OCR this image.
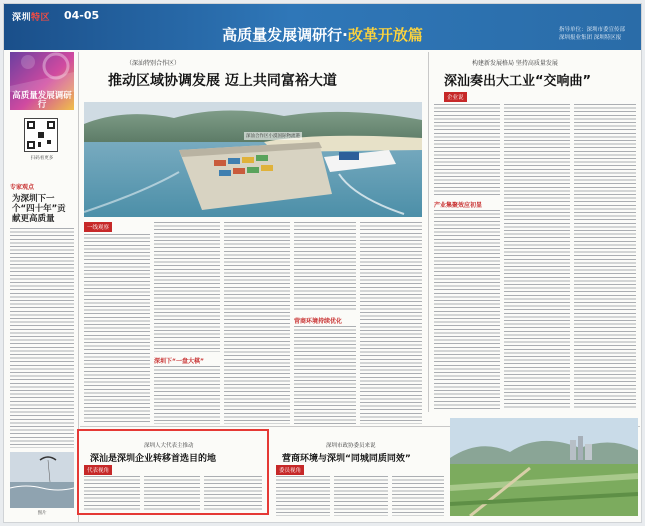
深圳特区 04-05
高质量发展调研行·改革开放篇	指导单位：深圳市委宣传部
深圳报业集团 深圳特区报
高质量发展调研行
扫码看更多
专家观点
为深圳下一个“四十年”贡献更高质量
图片
（深汕特别合作区）
推动区域协调发展 迈上共同富裕大道
深汕合作区小漠国际物流港
一线观察
深圳下“一盘大棋”
营商环境持续优化
构建新发展格局 坚持高质量发展
深汕奏出大工业“交响曲”
企业说
产业集聚效应初显
深圳人大代表主推动
深汕是深圳企业转移首选目的地
代表视角
深圳市政协委员来说
营商环境与深圳“同城同质同效”
委员视角
